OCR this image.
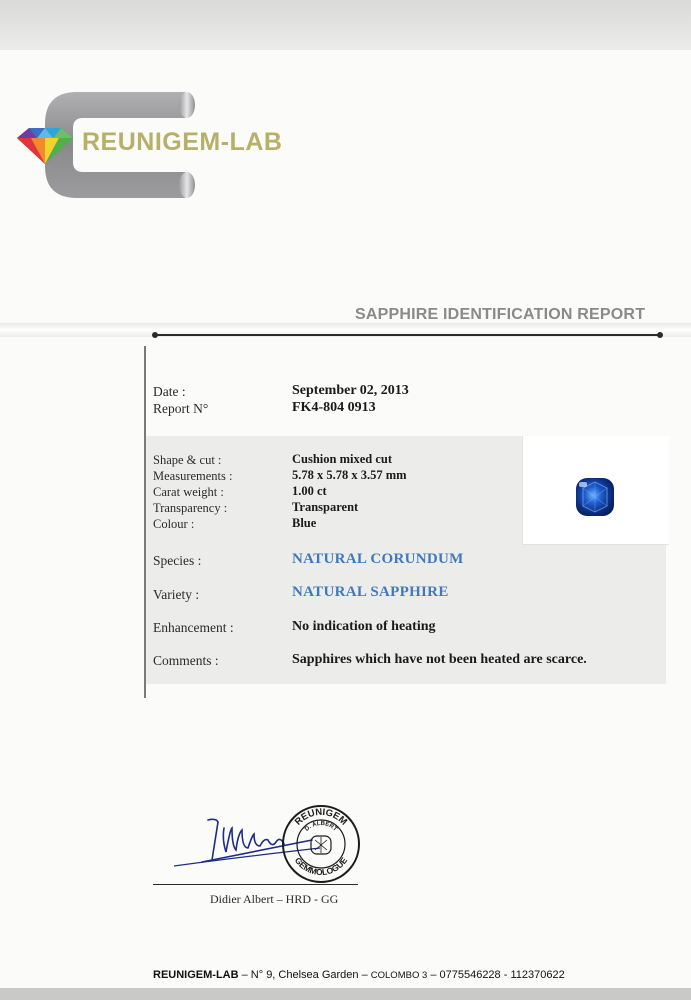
REUNIGEM-LAB
SAPPHIRE IDENTIFICATION REPORT
Date :	September 02, 2013
Report N°	FK4-804 0913
Shape & cut :	Cushion mixed cut
Measurements :	5.78 x 5.78 x 3.57 mm
Carat weight :	1.00 ct
Transparency :	Transparent
Colour :	Blue
Species :	NATURAL CORUNDUM
Variety :	NATURAL SAPPHIRE
Enhancement :	No indication of heating
Comments :	Sapphires which have not been heated are scarce.
REUNIGEM
D. ALBERT
GEMMOLOGUE
Didier Albert – HRD - GG
REUNIGEM-LAB – N° 9, Chelsea Garden – COLOMBO 3 – 0775546228 - 112370622
